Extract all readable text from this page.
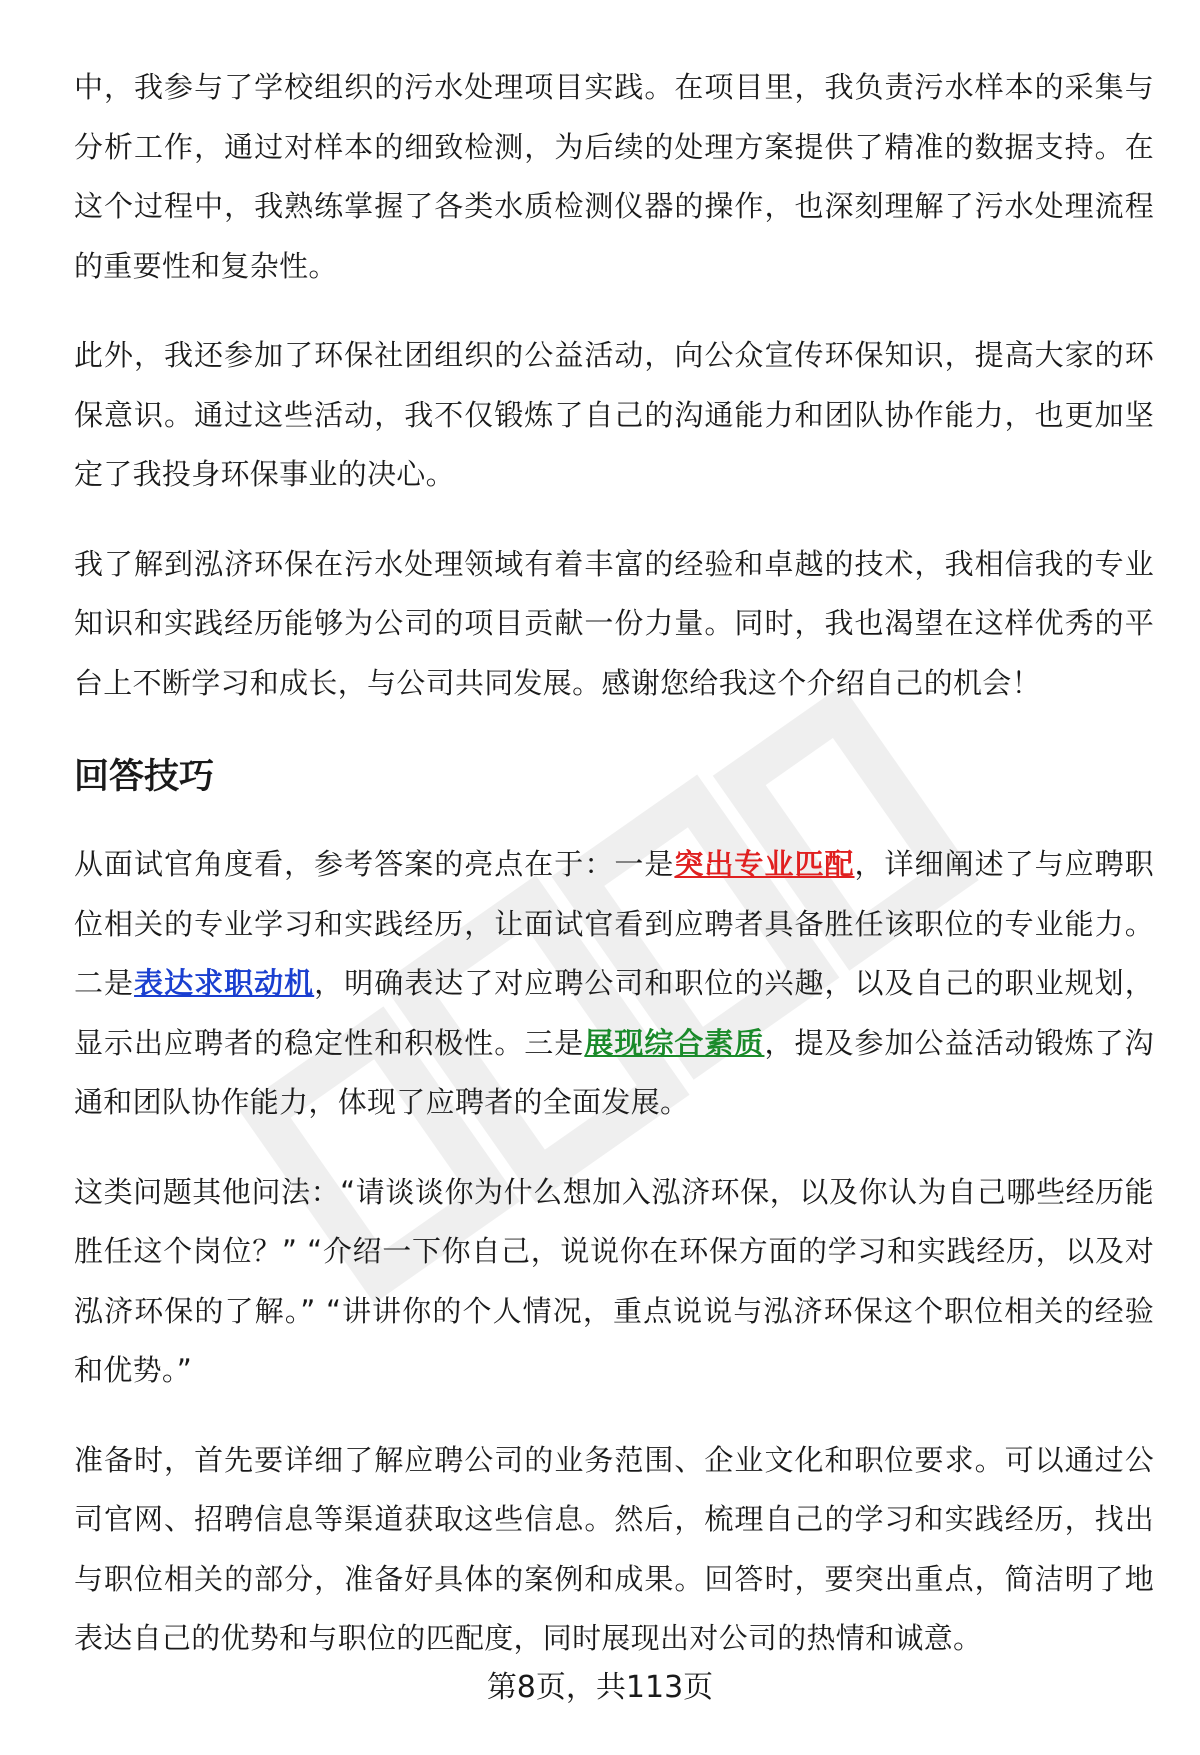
中，我参与了学校组织的污水处理项目实践。在项目里，我负责污水样本的采集与分析工作，通过对样本的细致检测，为后续的处理方案提供了精准的数据支持。在这个过程中，我熟练掌握了各类水质检测仪器的操作，也深刻理解了污水处理流程的重要性和复杂性。

此外，我还参加了环保社团组织的公益活动，向公众宣传环保知识，提高大家的环保意识。通过这些活动，我不仅锻炼了自己的沟通能力和团队协作能力，也更加坚定了我投身环保事业的决心。

我了解到泓济环保在污水处理领域有着丰富的经验和卓越的技术，我相信我的专业知识和实践经历能够为公司的项目贡献一份力量。同时，我也渴望在这样优秀的平台上不断学习和成长，与公司共同发展。感谢您给我这个介绍自己的机会！

回答技巧

从面试官角度看，参考答案的亮点在于：一是突出专业匹配，详细阐述了与应聘职位相关的专业学习和实践经历，让面试官看到应聘者具备胜任该职位的专业能力。二是表达求职动机，明确表达了对应聘公司和职位的兴趣，以及自己的职业规划，显示出应聘者的稳定性和积极性。三是展现综合素质，提及参加公益活动锻炼了沟通和团队协作能力，体现了应聘者的全面发展。

这类问题其他问法：“请谈谈你为什么想加入泓济环保，以及你认为自己哪些经历能胜任这个岗位？” “介绍一下你自己，说说你在环保方面的学习和实践经历，以及对泓济环保的了解。” “讲讲你的个人情况，重点说说与泓济环保这个职位相关的经验和优势。”

准备时，首先要详细了解应聘公司的业务范围、企业文化和职位要求。可以通过公司官网、招聘信息等渠道获取这些信息。然后，梳理自己的学习和实践经历，找出与职位相关的部分，准备好具体的案例和成果。回答时，要突出重点，简洁明了地表达自己的优势和与职位的匹配度，同时展现出对公司的热情和诚意。

第8页，共113页
